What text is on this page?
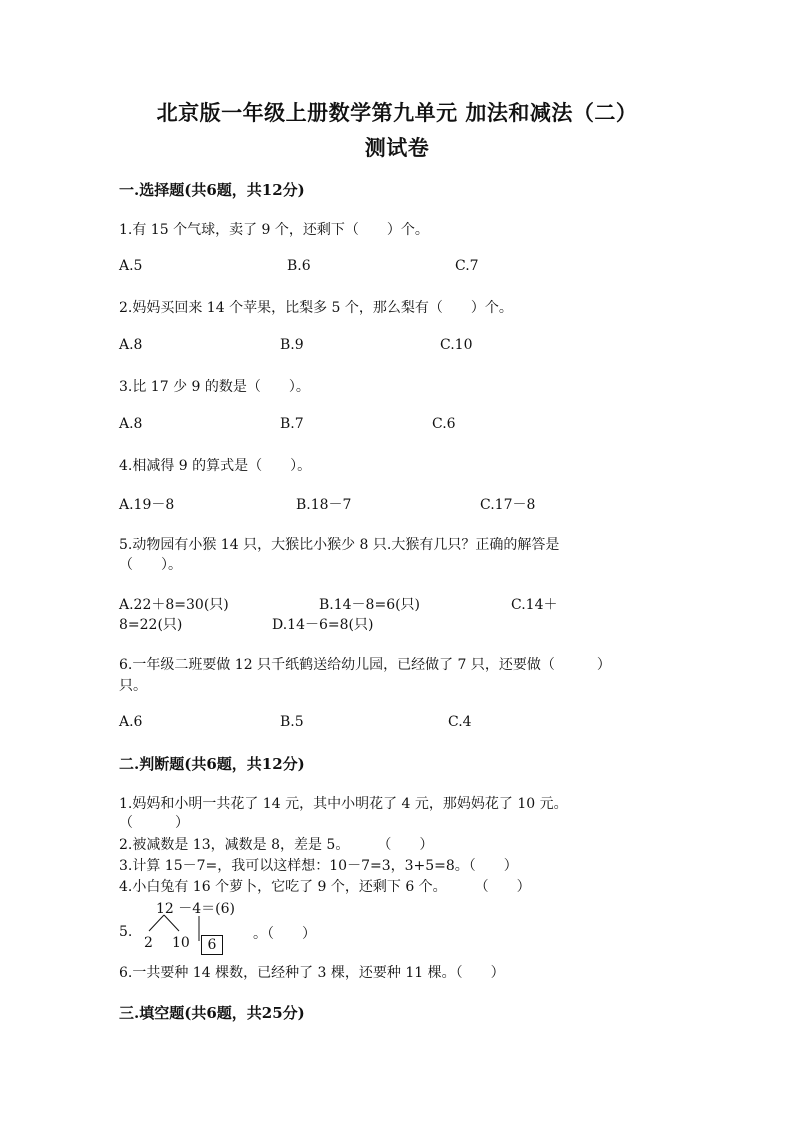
北京版一年级上册数学第九单元 加法和减法（二）
测试卷
一.选择题(共6题，共12分)
1.有 15 个气球，卖了 9 个，还剩下（　　）个。
A.5	B.6	C.7
2.妈妈买回来 14 个苹果，比梨多 5 个，那么梨有（　　）个。
A.8	B.9	C.10
3.比 17 少 9 的数是（　　）。
A.8	B.7	C.6
4.相减得 9 的算式是（　　）。
A.19－8	B.18－7	C.17－8
5.动物园有小猴 14 只，大猴比小猴少 8 只.大猴有几只？正确的解答是
（　　）。
A.22＋8=30(只)	B.14－8=6(只)	C.14＋
8=22(只)	D.14－6=8(只)
6.一年级二班要做 12 只千纸鹤送给幼儿园，已经做了 7 只，还要做（　　　）
只。
A.6	B.5	C.4
二.判断题(共6题，共12分)
1.妈妈和小明一共花了 14 元，其中小明花了 4 元，那妈妈花了 10 元。
（　　　）
2.被减数是 13，减数是 8，差是 5。　　　（　　）
3.计算 15－7=，我可以这样想：10－7=3，3+5=8。（　　）
4.小白兔有 16 个萝卜，它吃了 9 个，还剩下 6 个。　　　（　　）
5.
12 －4＝(6)
2 10	6
。（　　）
6.一共要种 14 棵数，已经种了 3 棵，还要种 11 棵。（　　）
三.填空题(共6题，共25分)
